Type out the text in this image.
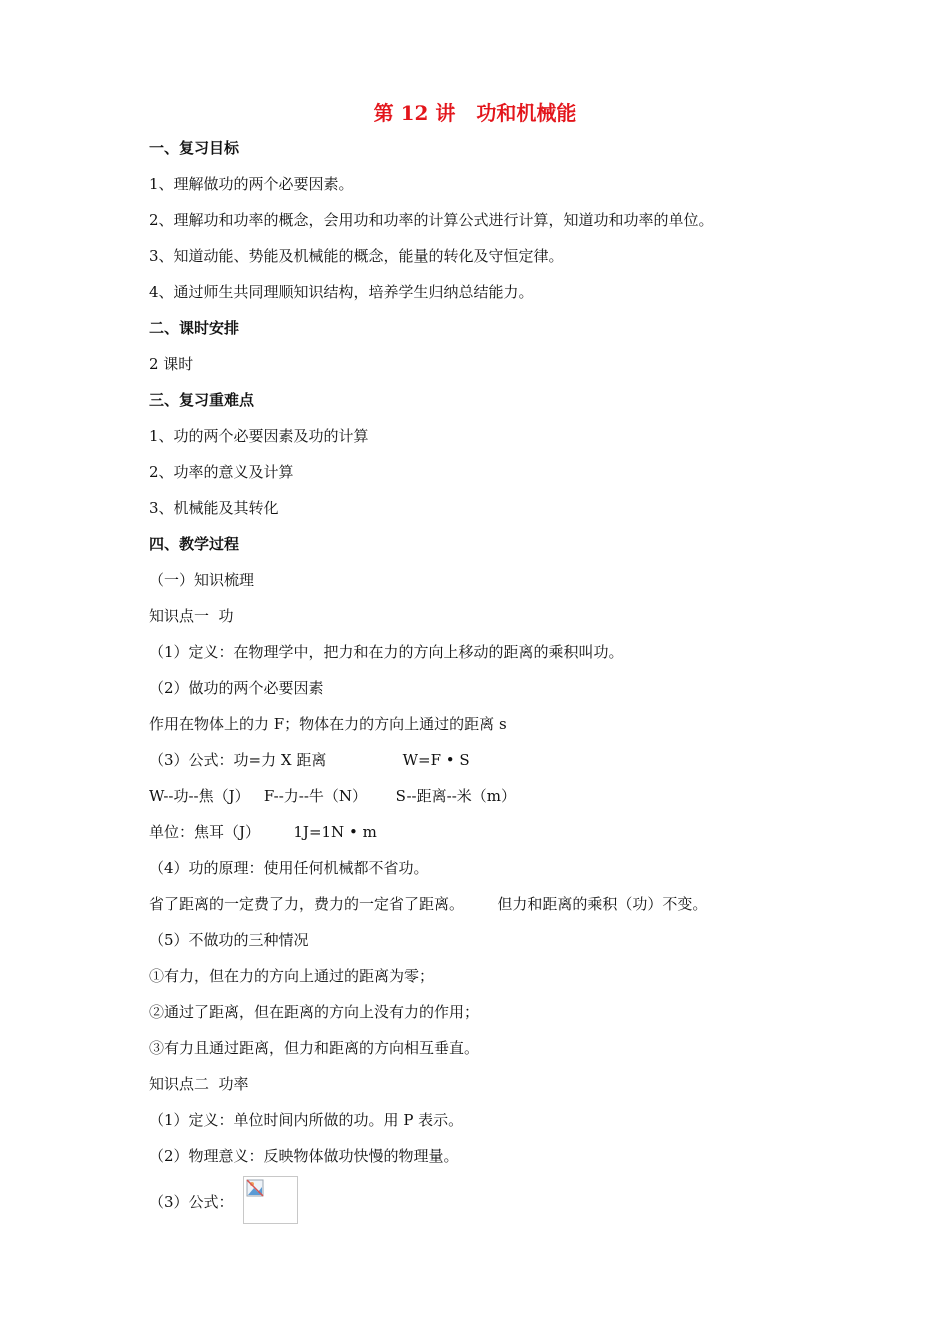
第 12 讲   功和机械能
一、复习目标
1、理解做功的两个必要因素。
2、理解功和功率的概念，会用功和功率的计算公式进行计算，知道功和功率的单位。
3、知道动能、势能及机械能的概念，能量的转化及守恒定律。
4、通过师生共同理顺知识结构，培养学生归纳总结能力。
二、课时安排
2 课时
三、复习重难点
1、功的两个必要因素及功的计算
2、功率的意义及计算
3、机械能及其转化
四、教学过程
（一）知识梳理
知识点一  功
（1）定义：在物理学中，把力和在力的方向上移动的距离的乘积叫功。
（2）做功的两个必要因素
作用在物体上的力 F；物体在力的方向上通过的距离 s
（3）公式：功=力 X 距离                W=F • S
W--功--焦（J）   F--力--牛（N）      S--距离--米（m）
单位：焦耳（J）       1J=1N • m
（4）功的原理：使用任何机械都不省功。
省了距离的一定费了力，费力的一定省了距离。       但力和距离的乘积（功）不变。
（5）不做功的三种情况
①有力，但在力的方向上通过的距离为零；
②通过了距离，但在距离的方向上没有力的作用；
③有力且通过距离，但力和距离的方向相互垂直。
知识点二  功率
（1）定义：单位时间内所做的功。用 P 表示。
（2）物理意义：反映物体做功快慢的物理量。
（3）公式：
